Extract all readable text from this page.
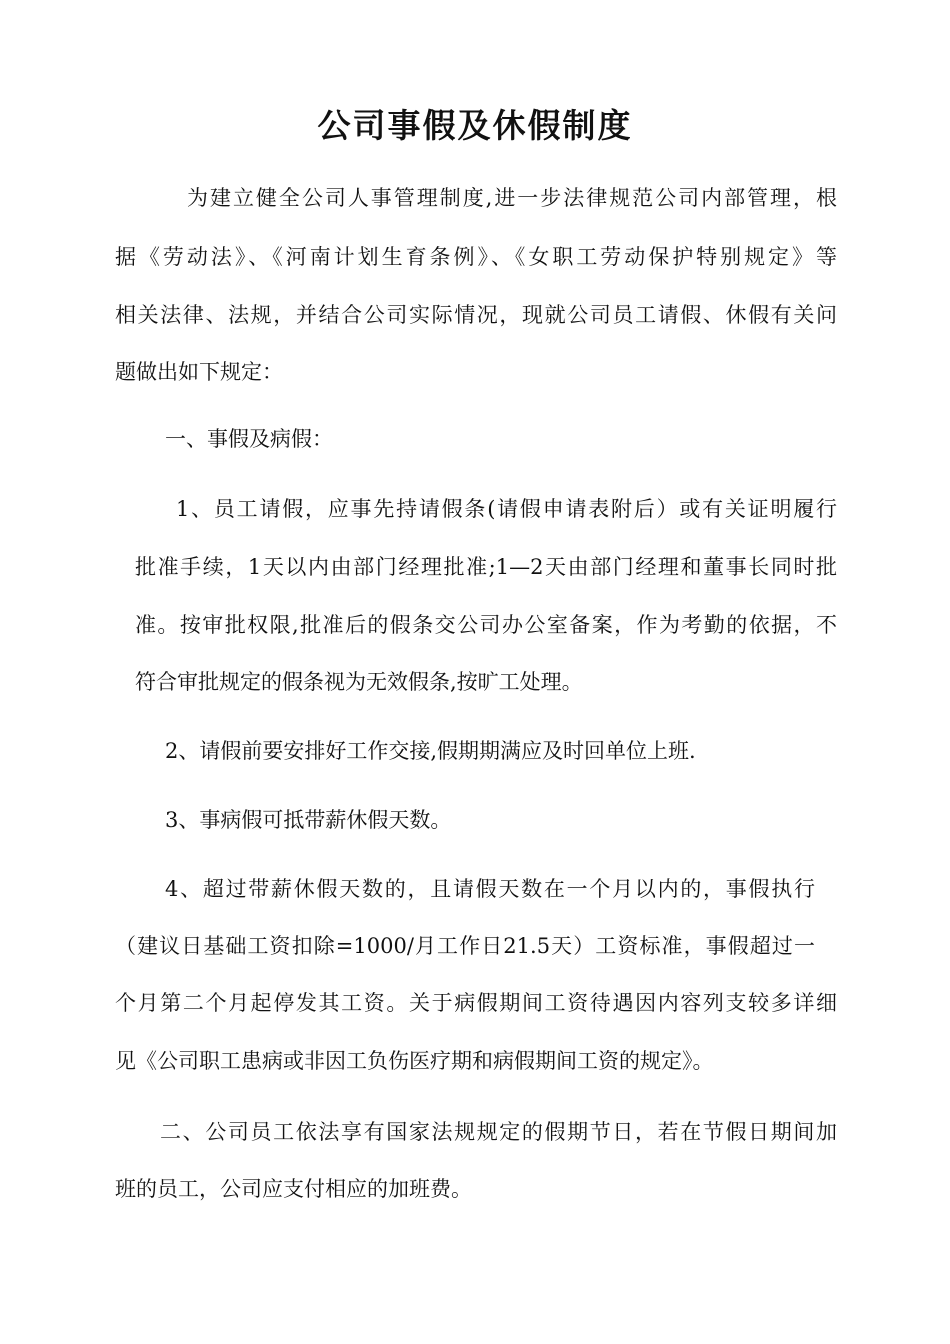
公司事假及休假制度
为建立健全公司人事管理制度,进一步法律规范公司内部管理，根
据《劳动法》、《河南计划生育条例》、《女职工劳动保护特别规定》等
相关法律、法规，并结合公司实际情况，现就公司员工请假、休假有关问
题做出如下规定：
一、事假及病假：
1、员工请假，应事先持请假条(请假申请表附后）或有关证明履行
批准手续，1天以内由部门经理批准;1—2天由部门经理和董事长同时批
准。按审批权限,批准后的假条交公司办公室备案，作为考勤的依据，不
符合审批规定的假条视为无效假条,按旷工处理。
2、请假前要安排好工作交接,假期期满应及时回单位上班.
3、事病假可抵带薪休假天数。
4、超过带薪休假天数的，且请假天数在一个月以内的，事假执行
（建议日基础工资扣除=1000/月工作日21.5天）工资标准，事假超过一
个月第二个月起停发其工资。关于病假期间工资待遇因内容列支较多详细
见《公司职工患病或非因工负伤医疗期和病假期间工资的规定》。
二、公司员工依法享有国家法规规定的假期节日，若在节假日期间加
班的员工，公司应支付相应的加班费。
